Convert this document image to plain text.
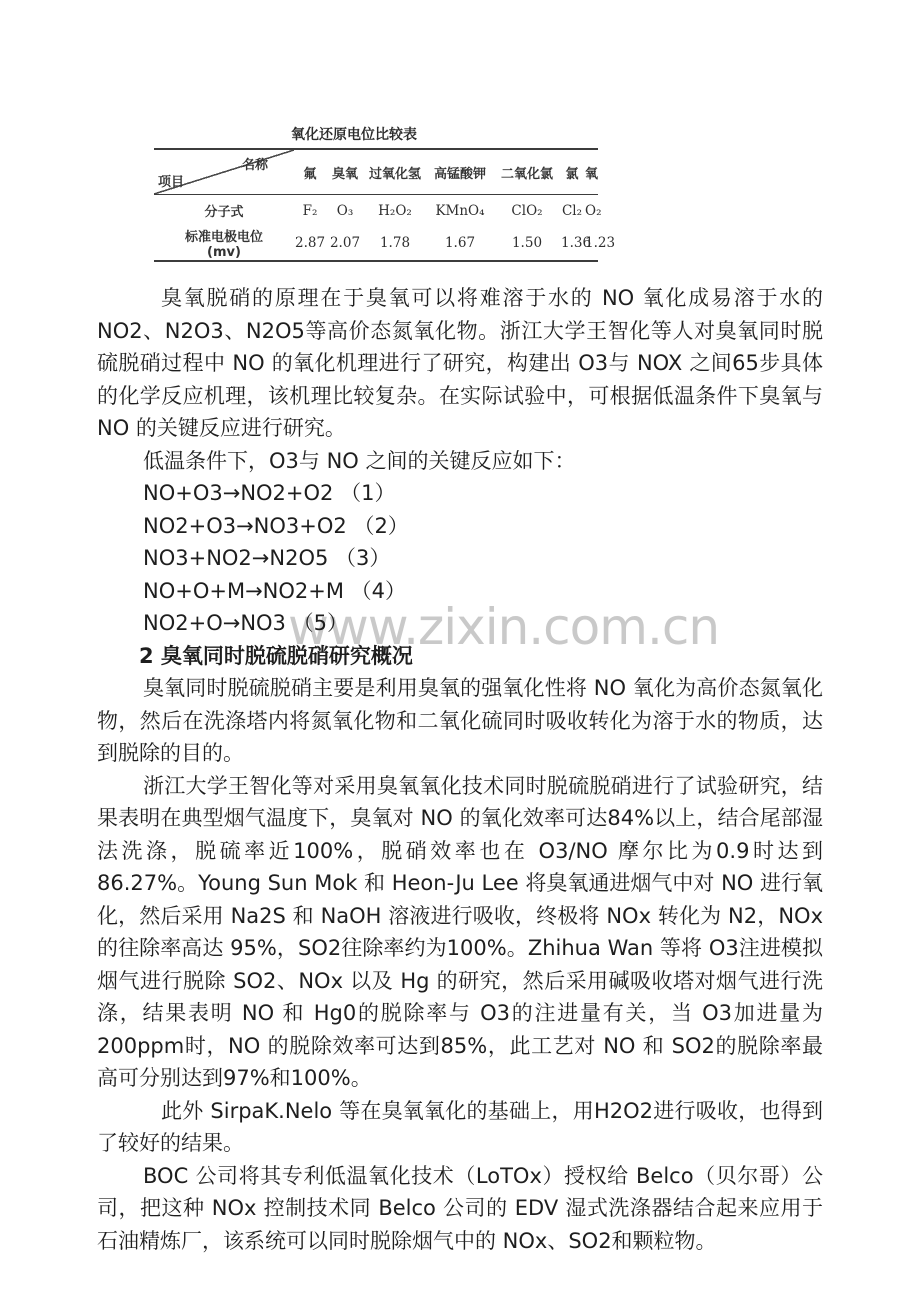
www.zixin.com.cn
氧化还原电位比较表
名称
项目	氟	臭氧	过氧化氢	高锰酸钾	二氧化氯	氯	氧
分子式	F₂	O₃	H₂O₂	KMnO₄	ClO₂	Cl₂	O₂
标准电极电位
(mv)	2.87	2.07	1.78	1.67	1.50	1.36	1.23

臭氧脱硝的原理在于臭氧可以将难溶于水的 NO 氧化成易溶于水的 NO2、N2O3、N2O5等高价态氮氧化物。浙江大学王智化等人对臭氧同时脱硫脱硝过程中 NO 的氧化机理进行了研究，构建出 O3与 NOX 之间65步具体的化学反应机理，该机理比较复杂。在实际试验中，可根据低温条件下臭氧与 NO 的关键反应进行研究。

低温条件下，O3与 NO 之间的关键反应如下：

NO+O3→NO2+O2 （1）

NO2+O3→NO3+O2 （2）

NO3+NO2→N2O5 （3）

NO+O+M→NO2+M （4）

NO2+O→NO3 （5）

2 臭氧同时脱硫脱硝研究概况

臭氧同时脱硫脱硝主要是利用臭氧的强氧化性将 NO 氧化为高价态氮氧化物，然后在洗涤塔内将氮氧化物和二氧化硫同时吸收转化为溶于水的物质，达到脱除的目的。

浙江大学王智化等对采用臭氧氧化技术同时脱硫脱硝进行了试验研究，结果表明在典型烟气温度下，臭氧对 NO 的氧化效率可达84%以上，结合尾部湿法洗涤，脱硫率近100%，脱硝效率也在 O3/NO 摩尔比为0.9时达到86.27%。Young Sun Mok 和 Heon-Ju Lee 将臭氧通进烟气中对 NO 进行氧化，然后采用 Na2S 和 NaOH 溶液进行吸收，终极将 NOx 转化为 N2，NOx 的往除率高达 95%，SO2往除率约为100%。Zhihua Wan 等将 O3注进模拟烟气进行脱除 SO2、NOx 以及 Hg 的研究，然后采用碱吸收塔对烟气进行洗涤，结果表明 NO 和 Hg0的脱除率与 O3的注进量有关，当 O3加进量为200ppm时，NO 的脱除效率可达到85%，此工艺对 NO 和 SO2的脱除率最高可分别达到97%和100%。

此外 SirpaK.Nelo 等在臭氧氧化的基础上，用H2O2进行吸收，也得到了较好的结果。

BOC 公司将其专利低温氧化技术（LoTOx）授权给 Belco（贝尔哥）公司，把这种 NOx 控制技术同 Belco 公司的 EDV 湿式洗涤器结合起来应用于石油精炼厂，该系统可以同时脱除烟气中的 NOx、SO2和颗粒物。
